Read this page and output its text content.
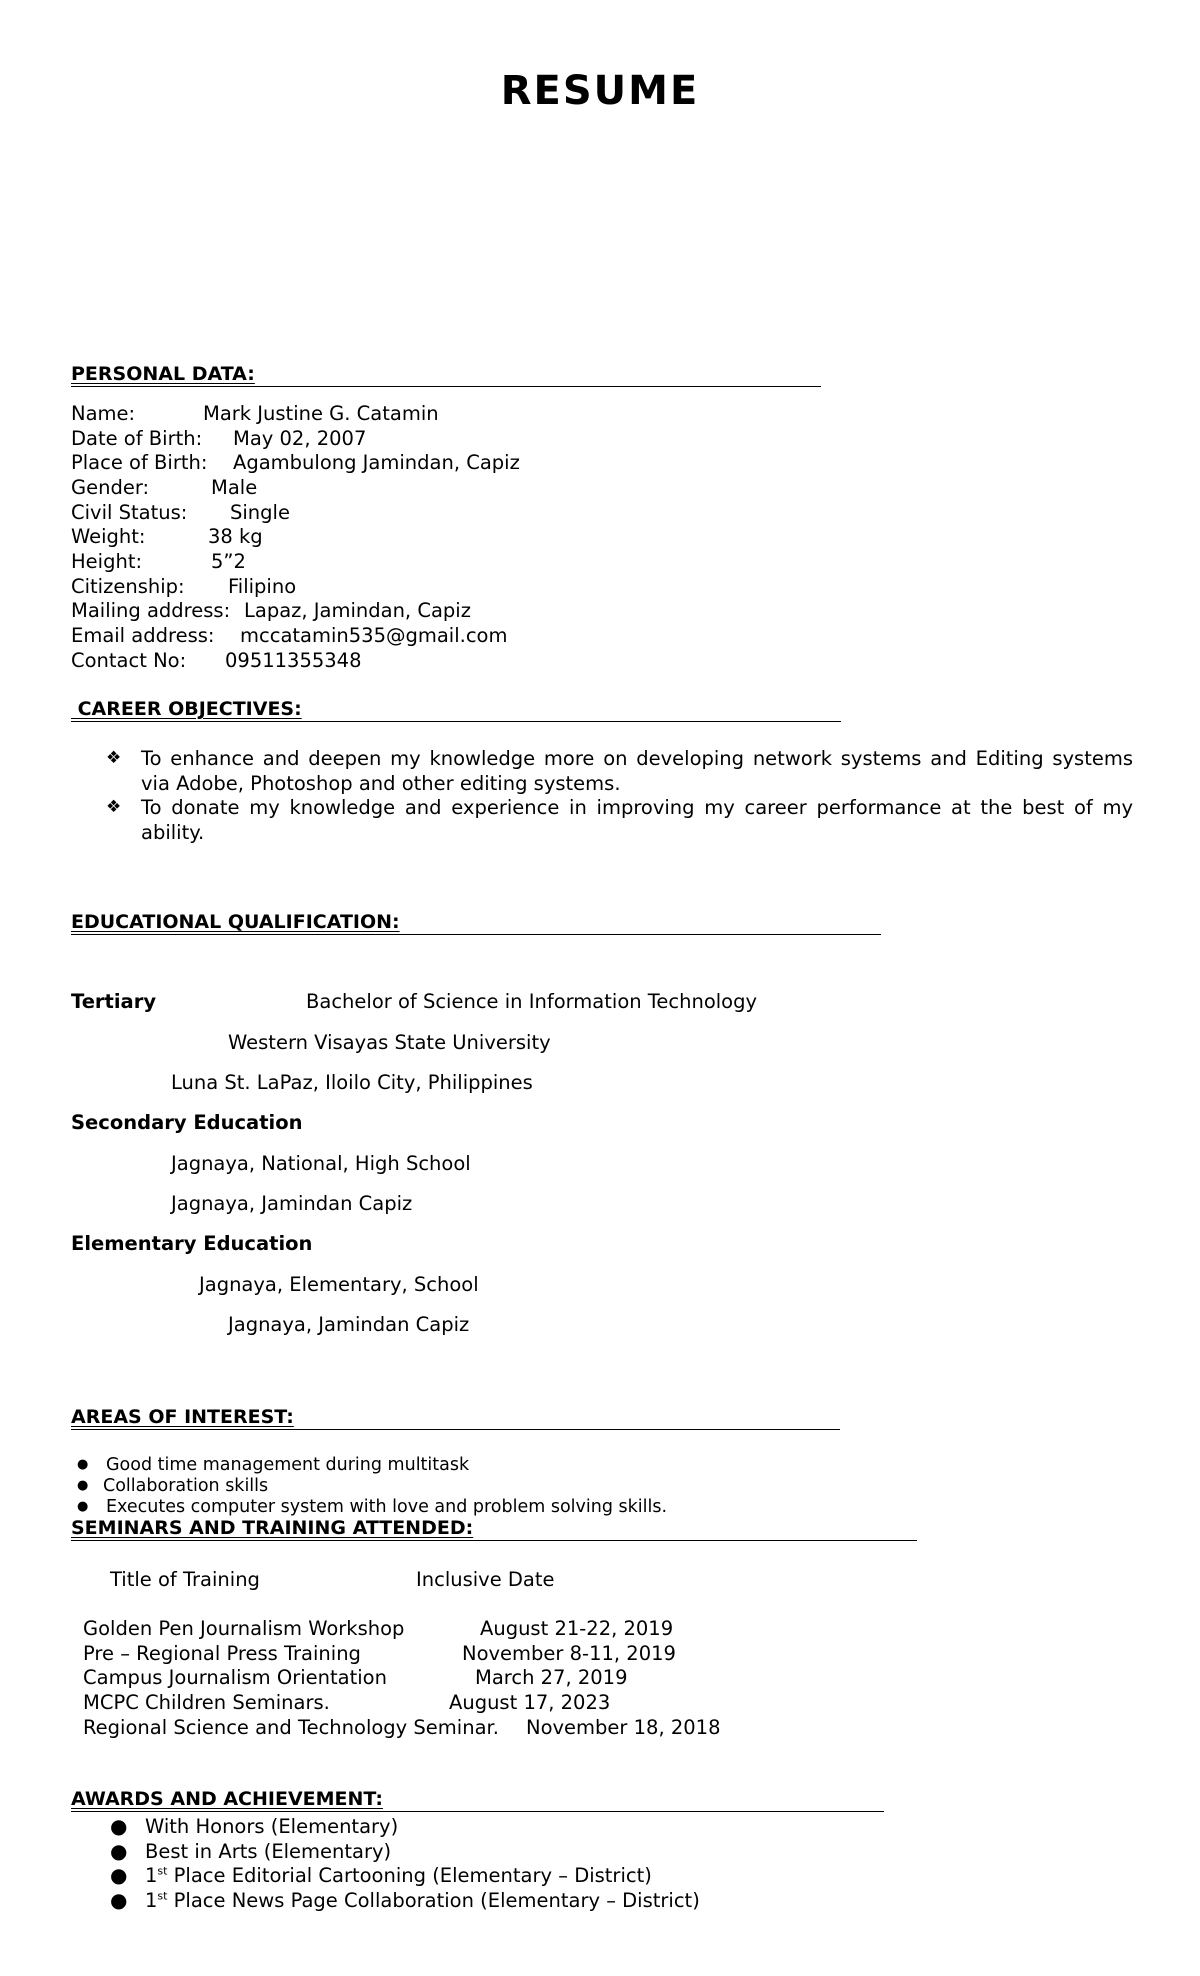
RESUME
PERSONAL DATA:
Name:	Mark Justine G. Catamin
Date of Birth: May 02, 2007
Place of Birth: Agambulong Jamindan, Capiz
Gender:	Male
Civil Status: Single
Weight:	38 kg
Height:	5”2
Citizenship: Filipino
Mailing address: Lapaz, Jamindan, Capiz
Email address: mccatamin535@gmail.com
Contact No: 09511355348
CAREER OBJECTIVES:
❖ To enhance and deepen my knowledge more on developing network systems and Editing systems
via Adobe, Photoshop and other editing systems.
❖ To donate my knowledge and experience in improving my career performance at the best of my
ability.
EDUCATIONAL QUALIFICATION:
Tertiary	Bachelor of Science in Information Technology
Western Visayas State University
Luna St. LaPaz, Iloilo City, Philippines
Secondary Education
Jagnaya, National, High School
Jagnaya, Jamindan Capiz
Elementary Education
Jagnaya, Elementary, School
Jagnaya, Jamindan Capiz
AREAS OF INTEREST:
● Good time management during multitask
● Collaboration skills
● Executes computer system with love and problem solving skills.
SEMINARS AND TRAINING ATTENDED:
Title of Training	Inclusive Date
Golden Pen Journalism Workshop	August 21-22, 2019
Pre – Regional Press Training	November 8-11, 2019
Campus Journalism Orientation	March 27, 2019
MCPC Children Seminars.	August 17, 2023
Regional Science and Technology Seminar. November 18, 2018
AWARDS AND ACHIEVEMENT:
● With Honors (Elementary)
● Best in Arts (Elementary)
● 1st Place Editorial Cartooning (Elementary – District)
● 1st Place News Page Collaboration (Elementary – District)
